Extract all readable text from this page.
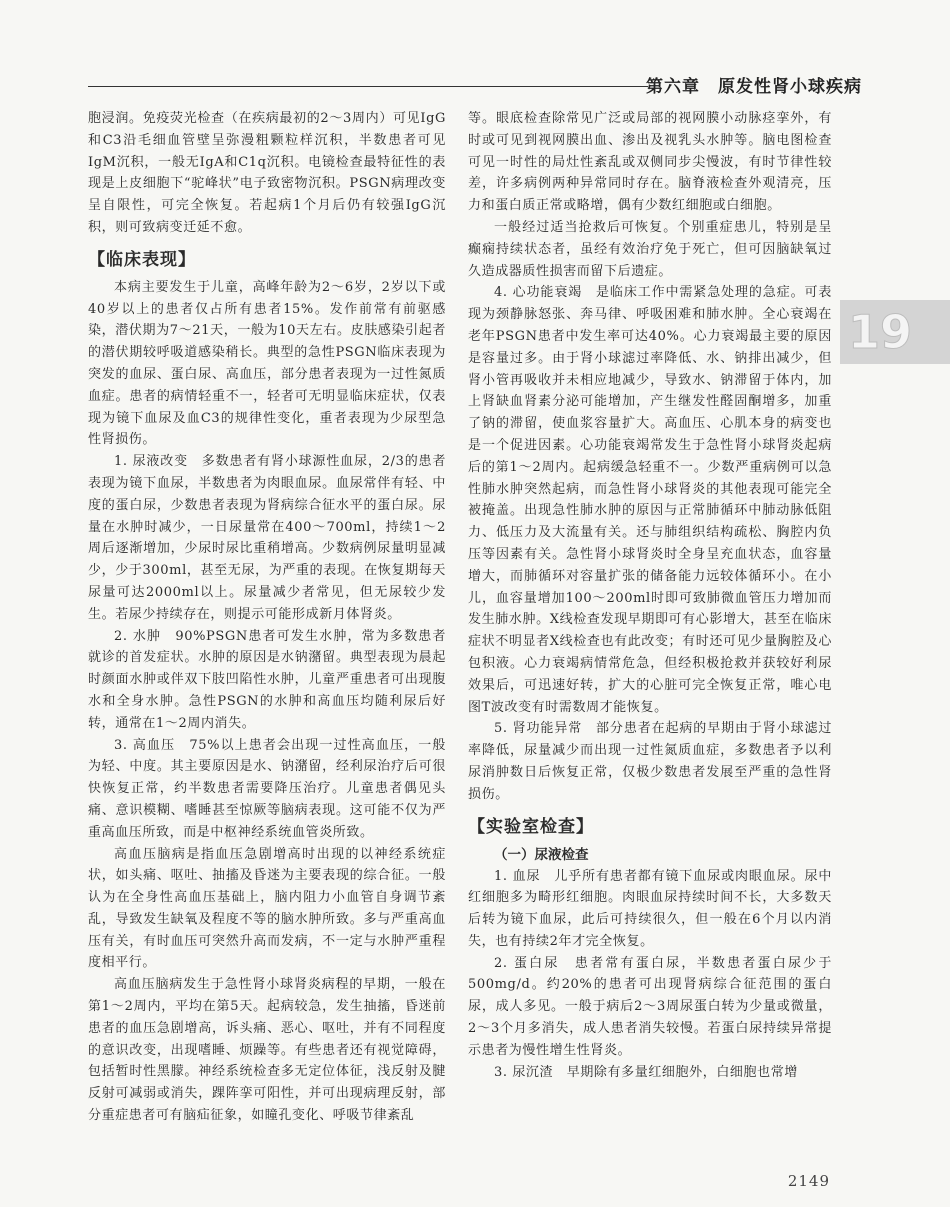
第六章　原发性肾小球疾病
19

胞浸润。免疫荧光检查（在疾病最初的2～3周内）可见IgG和C3沿毛细血管壁呈弥漫粗颗粒样沉积，半数患者可见IgM沉积，一般无IgA和C1q沉积。电镜检查最特征性的表现是上皮细胞下“驼峰状”电子致密物沉积。PSGN病理改变呈自限性，可完全恢复。若起病1个月后仍有较强IgG沉积，则可致病变迁延不愈。

【临床表现】

本病主要发生于儿童，高峰年龄为2～6岁，2岁以下或40岁以上的患者仅占所有患者15%。发作前常有前驱感染，潜伏期为7～21天，一般为10天左右。皮肤感染引起者的潜伏期较呼吸道感染稍长。典型的急性PSGN临床表现为突发的血尿、蛋白尿、高血压，部分患者表现为一过性氮质血症。患者的病情轻重不一，轻者可无明显临床症状，仅表现为镜下血尿及血C3的规律性变化，重者表现为少尿型急性肾损伤。

1. 尿液改变　多数患者有肾小球源性血尿，2/3的患者表现为镜下血尿，半数患者为肉眼血尿。血尿常伴有轻、中度的蛋白尿，少数患者表现为肾病综合征水平的蛋白尿。尿量在水肿时减少，一日尿量常在400～700ml，持续1～2周后逐渐增加，少尿时尿比重稍增高。少数病例尿量明显减少，少于300ml，甚至无尿，为严重的表现。在恢复期每天尿量可达2000ml以上。尿量减少者常见，但无尿较少发生。若尿少持续存在，则提示可能形成新月体肾炎。

2. 水肿　90%PSGN患者可发生水肿，常为多数患者就诊的首发症状。水肿的原因是水钠潴留。典型表现为晨起时颜面水肿或伴双下肢凹陷性水肿，儿童严重患者可出现腹水和全身水肿。急性PSGN的水肿和高血压均随利尿后好转，通常在1～2周内消失。

3. 高血压　75%以上患者会出现一过性高血压，一般为轻、中度。其主要原因是水、钠潴留，经利尿治疗后可很快恢复正常，约半数患者需要降压治疗。儿童患者偶见头痛、意识模糊、嗜睡甚至惊厥等脑病表现。这可能不仅为严重高血压所致，而是中枢神经系统血管炎所致。

高血压脑病是指血压急剧增高时出现的以神经系统症状，如头痛、呕吐、抽搐及昏迷为主要表现的综合征。一般认为在全身性高血压基础上，脑内阻力小血管自身调节紊乱，导致发生缺氧及程度不等的脑水肿所致。多与严重高血压有关，有时血压可突然升高而发病，不一定与水肿严重程度相平行。

高血压脑病发生于急性肾小球肾炎病程的早期，一般在第1～2周内，平均在第5天。起病较急，发生抽搐，昏迷前患者的血压急剧增高，诉头痛、恶心、呕吐，并有不同程度的意识改变，出现嗜睡、烦躁等。有些患者还有视觉障碍，包括暂时性黑朦。神经系统检查多无定位体征，浅反射及腱反射可减弱或消失，踝阵挛可阳性，并可出现病理反射，部分重症患者可有脑疝征象，如瞳孔变化、呼吸节律紊乱

等。眼底检查除常见广泛或局部的视网膜小动脉痉挛外，有时或可见到视网膜出血、渗出及视乳头水肿等。脑电图检查可见一时性的局灶性紊乱或双侧同步尖慢波，有时节律性较差，许多病例两种异常同时存在。脑脊液检查外观清亮，压力和蛋白质正常或略增，偶有少数红细胞或白细胞。

一般经过适当抢救后可恢复。个别重症患儿，特别是呈癫痫持续状态者，虽经有效治疗免于死亡，但可因脑缺氧过久造成器质性损害而留下后遗症。

4. 心功能衰竭　是临床工作中需紧急处理的急症。可表现为颈静脉怒张、奔马律、呼吸困难和肺水肿。全心衰竭在老年PSGN患者中发生率可达40%。心力衰竭最主要的原因是容量过多。由于肾小球滤过率降低、水、钠排出减少，但肾小管再吸收并未相应地减少，导致水、钠滞留于体内，加上肾缺血肾素分泌可能增加，产生继发性醛固酮增多，加重了钠的滞留，使血浆容量扩大。高血压、心肌本身的病变也是一个促进因素。心功能衰竭常发生于急性肾小球肾炎起病后的第1～2周内。起病缓急轻重不一。少数严重病例可以急性肺水肿突然起病，而急性肾小球肾炎的其他表现可能完全被掩盖。出现急性肺水肿的原因与正常肺循环中肺动脉低阻力、低压力及大流量有关。还与肺组织结构疏松、胸腔内负压等因素有关。急性肾小球肾炎时全身呈充血状态，血容量增大，而肺循环对容量扩张的储备能力远较体循环小。在小儿，血容量增加100～200ml时即可致肺微血管压力增加而发生肺水肿。X线检查发现早期即可有心影增大，甚至在临床症状不明显者X线检查也有此改变；有时还可见少量胸腔及心包积液。心力衰竭病情常危急，但经积极抢救并获较好利尿效果后，可迅速好转，扩大的心脏可完全恢复正常，唯心电图T波改变有时需数周才能恢复。

5. 肾功能异常　部分患者在起病的早期由于肾小球滤过率降低，尿量减少而出现一过性氮质血症，多数患者予以利尿消肿数日后恢复正常，仅极少数患者发展至严重的急性肾损伤。

【实验室检查】
（一）尿液检查

1. 血尿　儿乎所有患者都有镜下血尿或肉眼血尿。尿中红细胞多为畸形红细胞。肉眼血尿持续时间不长，大多数天后转为镜下血尿，此后可持续很久，但一般在6个月以内消失，也有持续2年才完全恢复。

2. 蛋白尿　患者常有蛋白尿，半数患者蛋白尿少于500mg/d。约20%的患者可出现肾病综合征范围的蛋白尿，成人多见。一般于病后2～3周尿蛋白转为少量或微量，2～3个月多消失，成人患者消失较慢。若蛋白尿持续异常提示患者为慢性增生性肾炎。

3. 尿沉渣　早期除有多量红细胞外，白细胞也常增

2149
